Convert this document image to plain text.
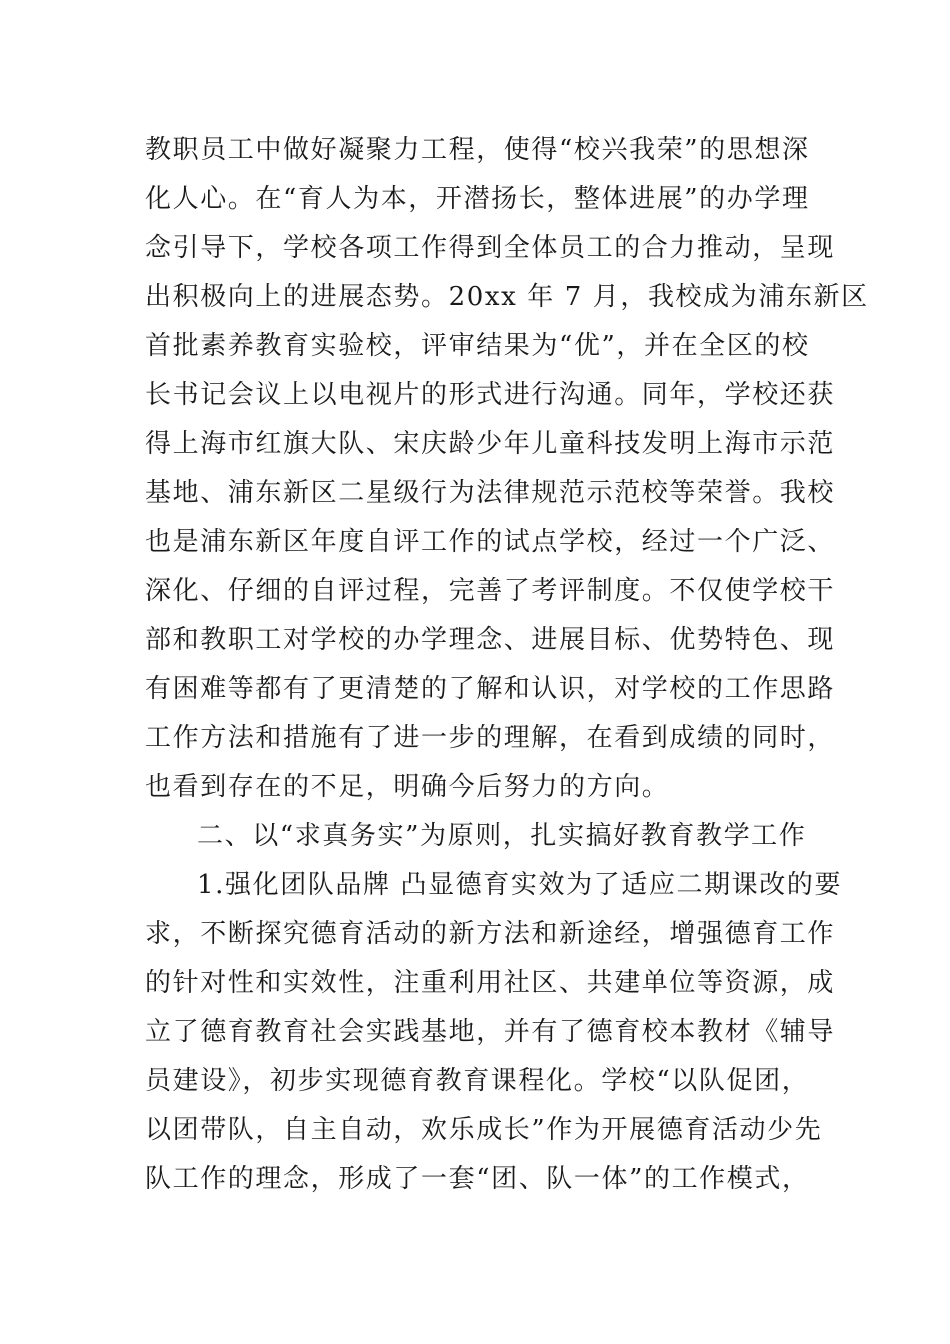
教职员工中做好凝聚力工程，使得“校兴我荣”的思想深
化人心。在“育人为本，开潜扬长，整体进展”的办学理
念引导下，学校各项工作得到全体员工的合力推动，呈现
出积极向上的进展态势。20xx 年 7 月，我校成为浦东新区
首批素养教育实验校，评审结果为“优”，并在全区的校
长书记会议上以电视片的形式进行沟通。同年，学校还获
得上海市红旗大队、宋庆龄少年儿童科技发明上海市示范
基地、浦东新区二星级行为法律规范示范校等荣誉。我校
也是浦东新区年度自评工作的试点学校，经过一个广泛、
深化、仔细的自评过程，完善了考评制度。不仅使学校干
部和教职工对学校的办学理念、进展目标、优势特色、现
有困难等都有了更清楚的了解和认识，对学校的工作思路
工作方法和措施有了进一步的理解，在看到成绩的同时，
也看到存在的不足，明确今后努力的方向。
二、以“求真务实”为原则，扎实搞好教育教学工作
1.强化团队品牌 凸显德育实效为了适应二期课改的要
求，不断探究德育活动的新方法和新途经，增强德育工作
的针对性和实效性，注重利用社区、共建单位等资源，成
立了德育教育社会实践基地，并有了德育校本教材《辅导
员建设》，初步实现德育教育课程化。学校“以队促团，
以团带队，自主自动，欢乐成长”作为开展德育活动少先
队工作的理念，形成了一套“团、队一体”的工作模式，
